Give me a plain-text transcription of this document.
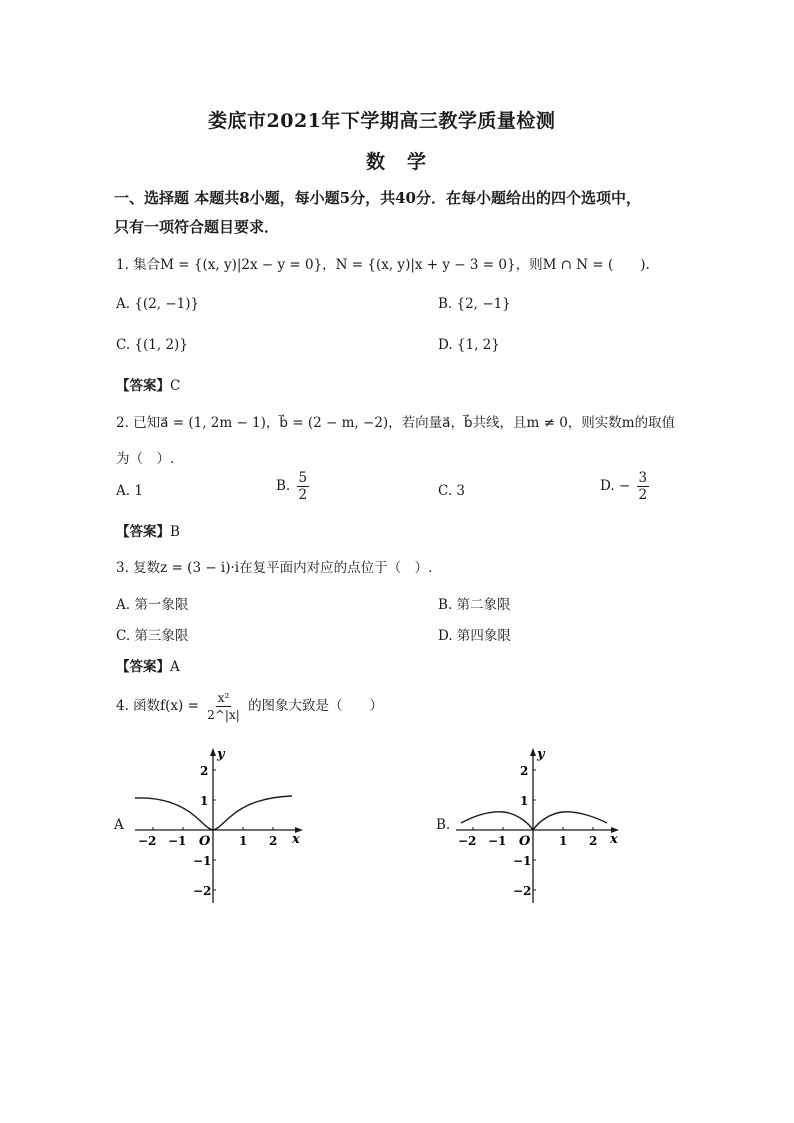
娄底市2021年下学期高三教学质量检测
数学
一、选择题 本题共8小题，每小题5分，共40分．在每小题给出的四个选项中，
只有一项符合题目要求．
1. 集合M = {(x, y)|2x − y = 0}，N = {(x, y)|x + y − 3 = 0}，则M ∩ N = (　　).
A. {(2, −1)}	B. {2, −1}
C. {(1, 2)}	D. {1, 2}
【答案】C
2. 已知a⃗ = (1, 2m − 1)，b⃗ = (2 − m, −2)，若向量a⃗，b⃗共线，且m ≠ 0，则实数m的取值
为（　）.
A. 1	B. $\frac{5}{2}$	C. 3	D. − $\frac{3}{2}$
【答案】B
3. 复数z = (3 − i)·i在复平面内对应的点位于（　）.
A. 第一象限	B. 第二象限
C. 第三象限	D. 第四象限
【答案】A
4. 函数$f(x) = \frac{\text{x²}}{2\^{}|x|}$ 的图象大致是（　　）
A	B.
x
y
O
−2 −1	1 2
2
1
−1
−2
x
y
O
−2 −1	1 2
2
1
−1
−2
